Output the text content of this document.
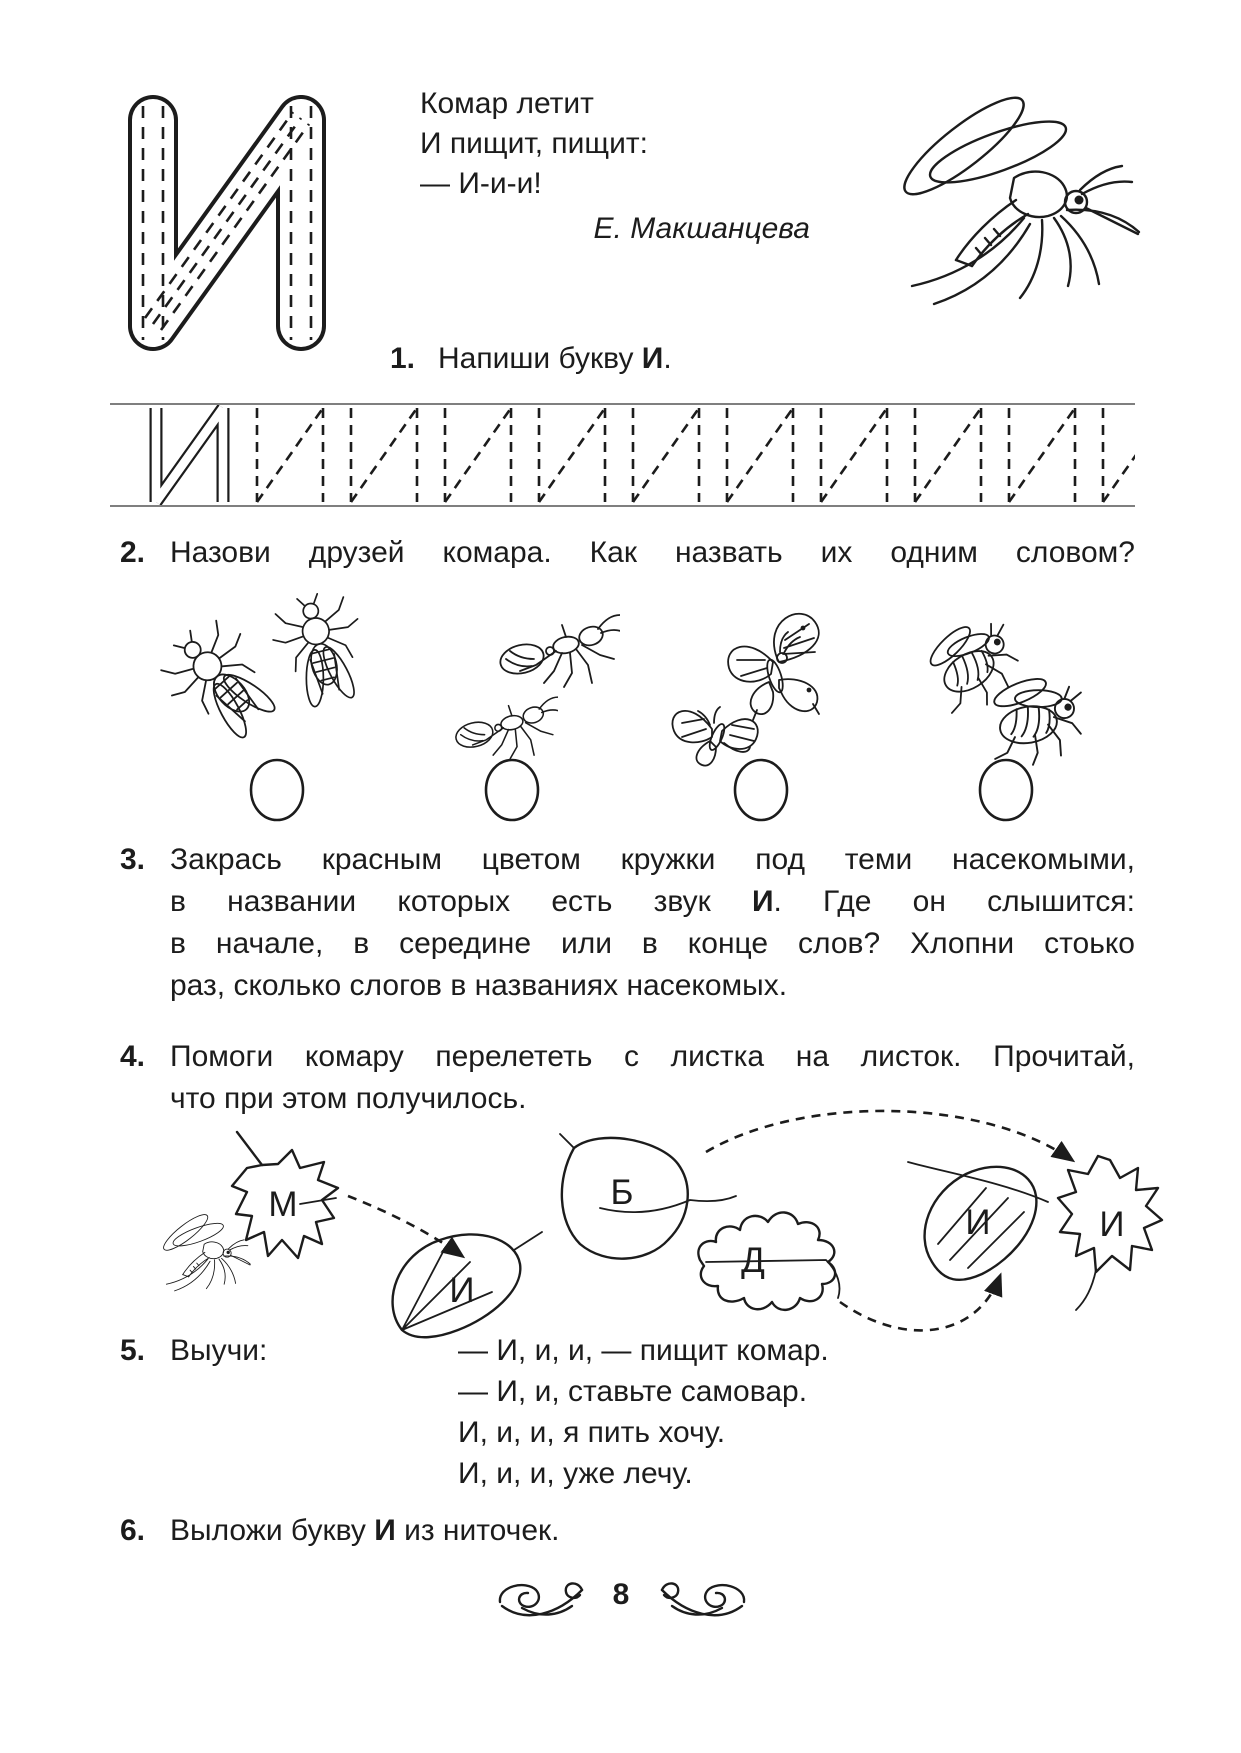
Комар летит
И пищит, пищит:
— И-и-и!
Е. Макшанцева
1. Напиши букву И.
2. Назови друзей комара. Как назвать их одним словом?
3. Закрась красным цветом кружки под теми насекомыми,
в названии которых есть звук И. Где он слышится:
в начале, в середине или в конце слов? Хлопни стоько
раз, сколько слогов в названиях насекомых.
4. Помоги комару перелететь с листка на листок. Прочитай,
что при этом получилось.
М
И
Б
Д
И	И
5. Выучи:	— И, и, и, — пищит комар.
— И, и, ставьте самовар.
И, и, и, я пить хочу.
И, и, и, уже лечу.
6. Выложи букву И из ниточек.
8
